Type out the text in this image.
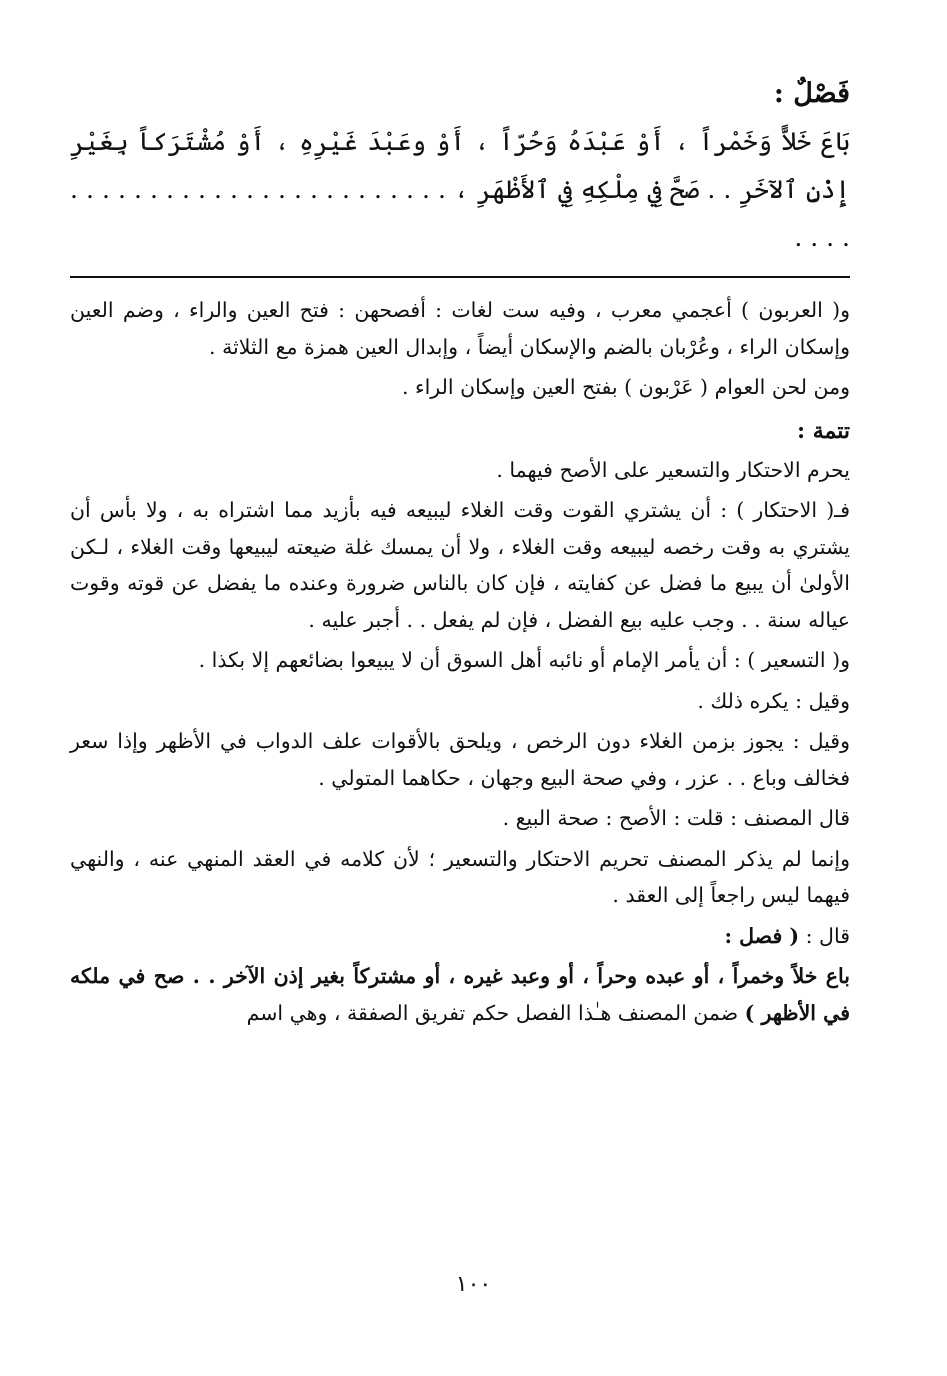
فَصْلٌ :

بَاعَ خَلاًّ وَخَمْراً ، أَوْ عَبْدَهُ وَحُرّاً ، أَوْ وعَبْدَ غَيْرِهِ ، أَوْ مُشْتَرَكاً بِغَيْرِ إِذْنِ ٱلآخَرِ . . صَحَّ فِي مِلْكِهِ فِي ٱلأَظْهَرِ ، . . . . . . . . . . . . . . . . . . . . . . . . . . . .

و( العربون ) أعجمي معرب ، وفيه ست لغات : أفصحهن : فتح العين والراء ، وضم العين وإسكان الراء ، وعُرْبان بالضم والإسكان أيضاً ، وإبدال العين همزة مع الثلاثة .

ومن لحن العوام ( عَرْبون ) بفتح العين وإسكان الراء .

تتمة :

يحرم الاحتكار والتسعير على الأصح فيهما .

فـ( الاحتكار ) : أن يشتري القوت وقت الغلاء ليبيعه فيه بأزيد مما اشتراه به ، ولا بأس أن يشتري به وقت رخصه ليبيعه وقت الغلاء ، ولا أن يمسك غلة ضيعته ليبيعها وقت الغلاء ، لـكن الأولىٰ أن يبيع ما فضل عن كفايته ، فإن كان بالناس ضرورة وعنده ما يفضل عن قوته وقوت عياله سنة . . وجب عليه بيع الفضل ، فإن لم يفعل . . أجبر عليه .

و( التسعير ) : أن يأمر الإمام أو نائبه أهل السوق أن لا يبيعوا بضائعهم إلا بكذا .

وقيل : يكره ذلك .

وقيل : يجوز بزمن الغلاء دون الرخص ، ويلحق بالأقوات علف الدواب في الأظهر وإذا سعر فخالف وباع . . عزر ، وفي صحة البيع وجهان ، حكاهما المتولي .

قال المصنف : قلت : الأصح : صحة البيع .

وإنما لم يذكر المصنف تحريم الاحتكار والتسعير ؛ لأن كلامه في العقد المنهي عنه ، والنهي فيهما ليس راجعاً إلى العقد .

قال : ( فصل :

باع خلاً وخمراً ، أو عبده وحراً ، أو وعبد غيره ، أو مشتركاً بغير إذن الآخر . . صح في ملكه في الأظهر ) ضمن المصنف هـٰذا الفصل حكم تفريق الصفقة ، وهي اسم

١٠٠
